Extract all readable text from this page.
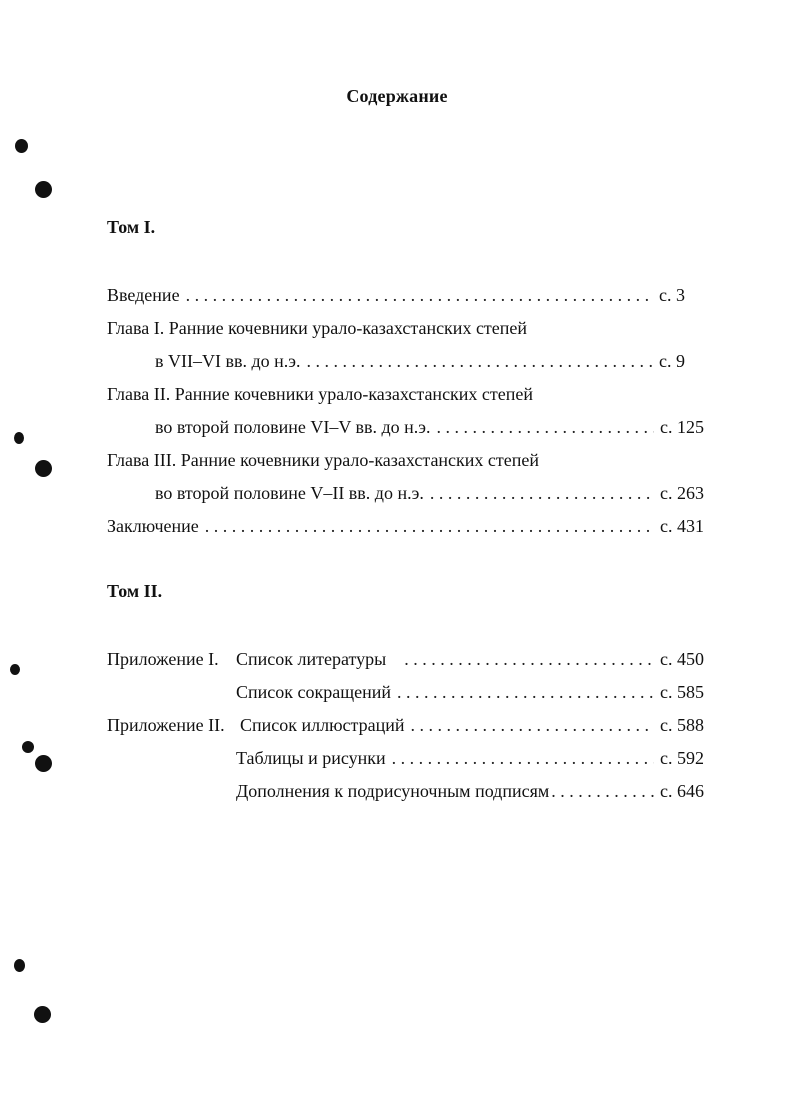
Содержание
Том I.
Введение . . .	с. 3
Глава I. Ранние кочевники урало-казахстанских степей
в VII–VI вв. до н.э. . . .	с. 9
Глава II. Ранние кочевники урало-казахстанских степей
во второй половине VI–V вв. до н.э. . . .	с. 125
Глава III. Ранние кочевники урало-казахстанских степей
во второй половине V–II вв. до н.э. . . .	с. 263
Заключение . . .	с. 431
Том II.
Приложение I. Список литературы . . .	с. 450
Список сокращений . . .	с. 585
Приложение II. Список иллюстраций . . .	с. 588
Таблицы и рисунки . . .	с. 592
Дополнения к подрисуночным подписям . . .	с. 646
